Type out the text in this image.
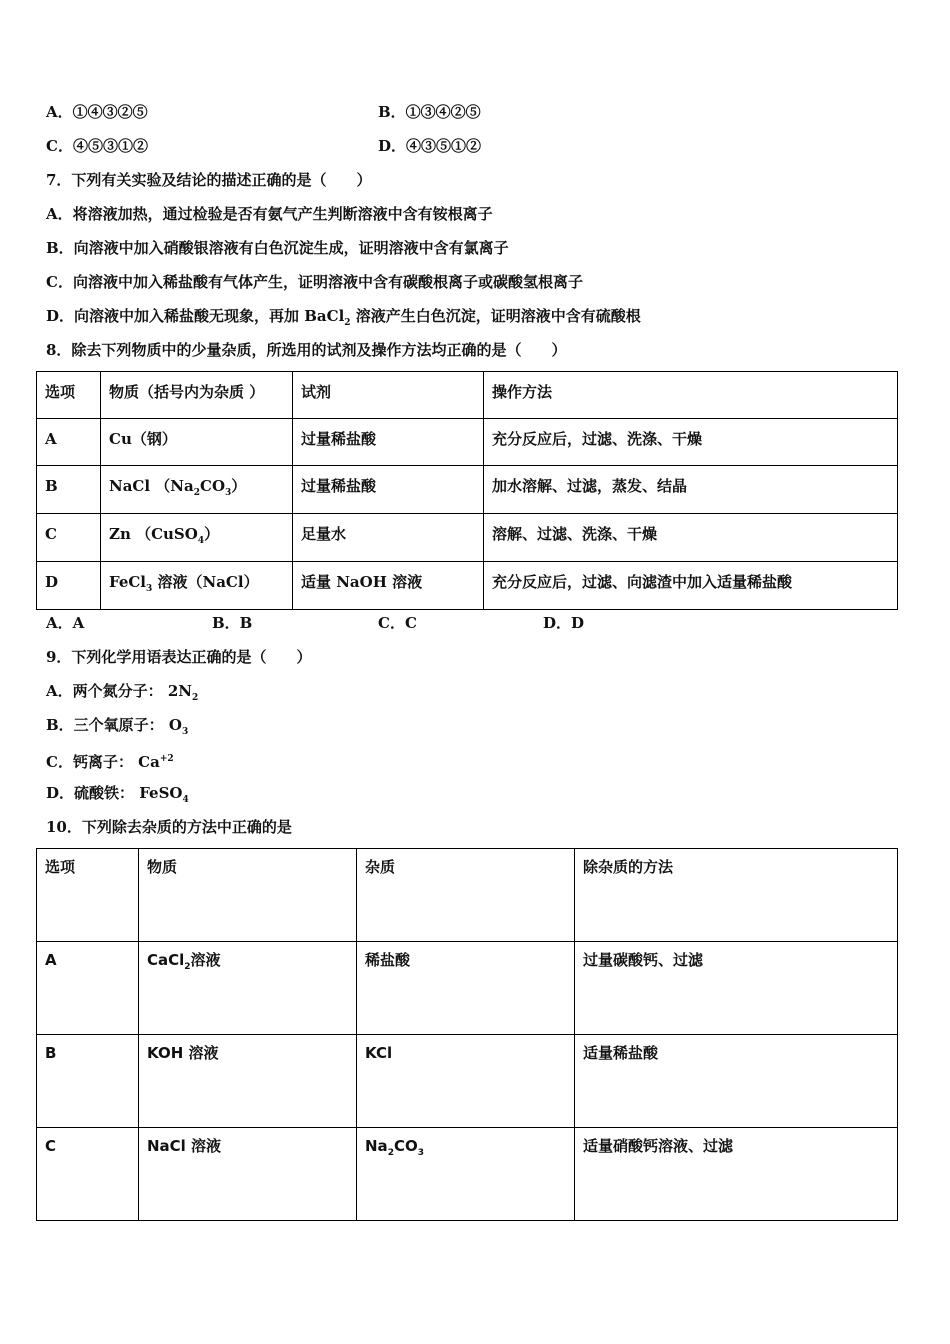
A．①④③②⑤	B．①③④②⑤
C．④⑤③①②	D．④③⑤①②
7．下列有关实验及结论的描述正确的是（　　）
A．将溶液加热，通过检验是否有氨气产生判断溶液中含有铵根离子
B．向溶液中加入硝酸银溶液有白色沉淀生成，证明溶液中含有氯离子
C．向溶液中加入稀盐酸有气体产生，证明溶液中含有碳酸根离子或碳酸氢根离子
D．向溶液中加入稀盐酸无现象，再加 BaCl$_2$ 溶液产生白色沉淀，证明溶液中含有硫酸根
8．除去下列物质中的少量杂质，所选用的试剂及操作方法均正确的是（　　）
选项	物质（括号内为杂质 ）	试剂	操作方法
A	Cu（钢）	过量稀盐酸	充分反应后，过滤、洗涤、干燥
B	NaCl $(Na_2CO_3)$	过量稀盐酸	加水溶解、过滤，蒸发、结晶
C	Zn （CuSO$_4$）	足量水	溶解、过滤、洗涤、干燥
D	FeCl$_3$ 溶液（NaCl）	适量 NaOH 溶液	充分反应后，过滤、向滤渣中加入适量稀盐酸
A．A	B．B	C．C	D．D
9．下列化学用语表达正确的是（　　）
A．两个氮分子： $2N_2$
B．三个氧原子： $O_3$
C．钙离子： $Ca^{+2}$
D．硫酸铁： FeSO$_4$
10．下列除去杂质的方法中正确的是
选项	物质	杂质	除杂质的方法
A	CaCl$_2$溶液	稀盐酸	过量碳酸钙、过滤
B	KOH 溶液	KCl	适量稀盐酸
C	NaCl 溶液	$Na_2CO_3$	适量硝酸钙溶液、过滤
